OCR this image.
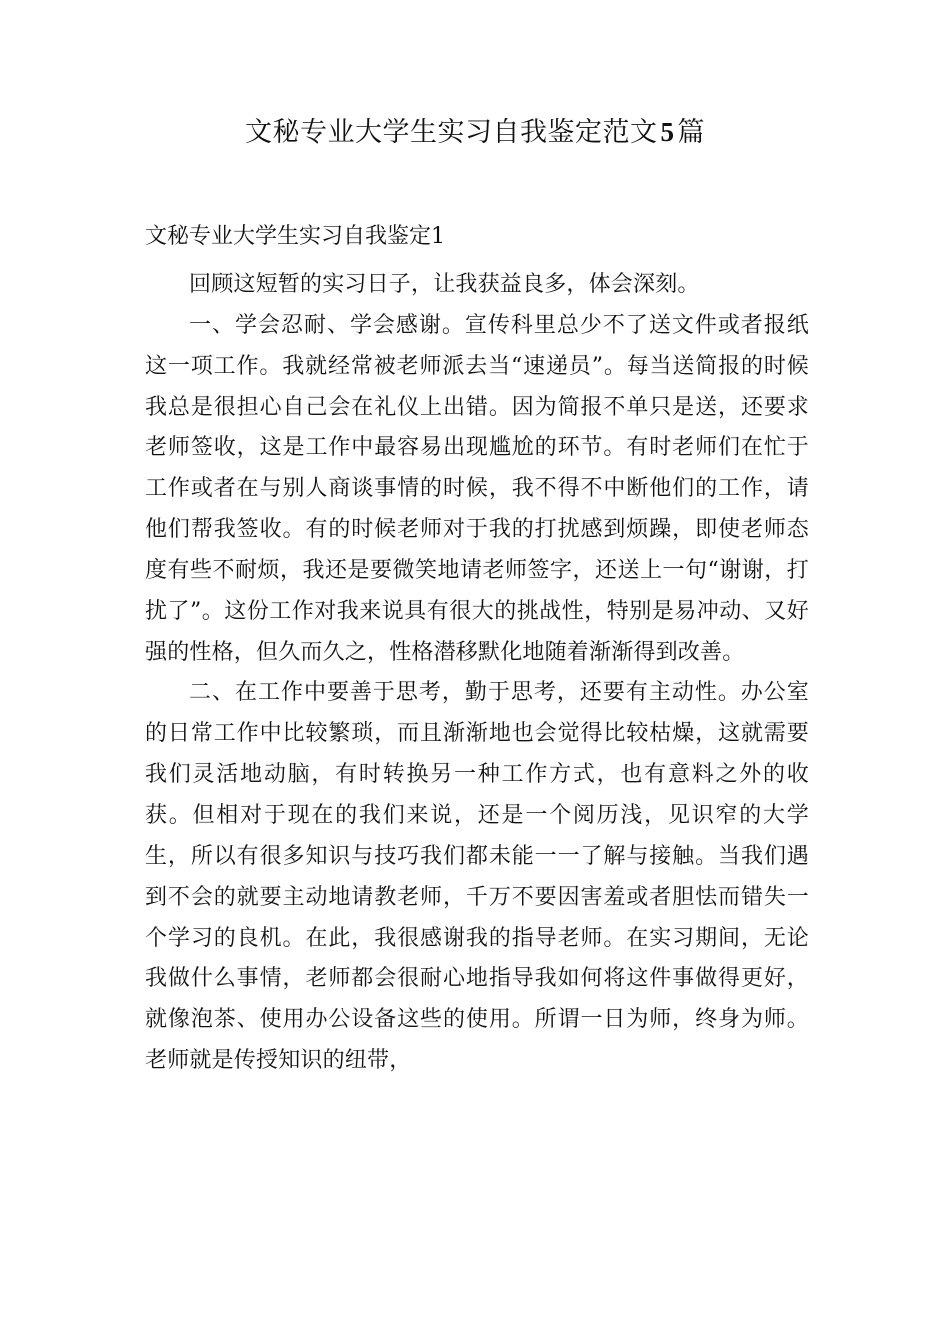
文秘专业大学生实习自我鉴定范文 5 篇
文秘专业大学生实习自我鉴定1

回顾这短暂的实习日子，让我获益良多，体会深刻。

一、学会忍耐、学会感谢。宣传科里总少不了送文件或者报纸这一项工作。我就经常被老师派去当“速递员”。每当送简报的时候我总是很担心自己会在礼仪上出错。因为简报不单只是送，还要求老师签收，这是工作中最容易出现尴尬的环节。有时老师们在忙于工作或者在与别人商谈事情的时候，我不得不中断他们的工作，请他们帮我签收。有的时候老师对于我的打扰感到烦躁，即使老师态度有些不耐烦，我还是要微笑地请老师签字，还送上一句“谢谢，打扰了”。这份工作对我来说具有很大的挑战性，特别是易冲动、又好强的性格，但久而久之，性格潜移默化地随着渐渐得到改善。

二、在工作中要善于思考，勤于思考，还要有主动性。办公室的日常工作中比较繁琐，而且渐渐地也会觉得比较枯燥，这就需要我们灵活地动脑，有时转换另一种工作方式，也有意料之外的收获。但相对于现在的我们来说，还是一个阅历浅，见识窄的大学生，所以有很多知识与技巧我们都未能一一了解与接触。当我们遇到不会的就要主动地请教老师，千万不要因害羞或者胆怯而错失一个学习的良机。在此，我很感谢我的指导老师。在实习期间，无论我做什么事情，老师都会很耐心地指导我如何将这件事做得更好，就像泡茶、使用办公设备这些的使用。所谓一日为师，终身为师。老师就是传授知识的纽带，
